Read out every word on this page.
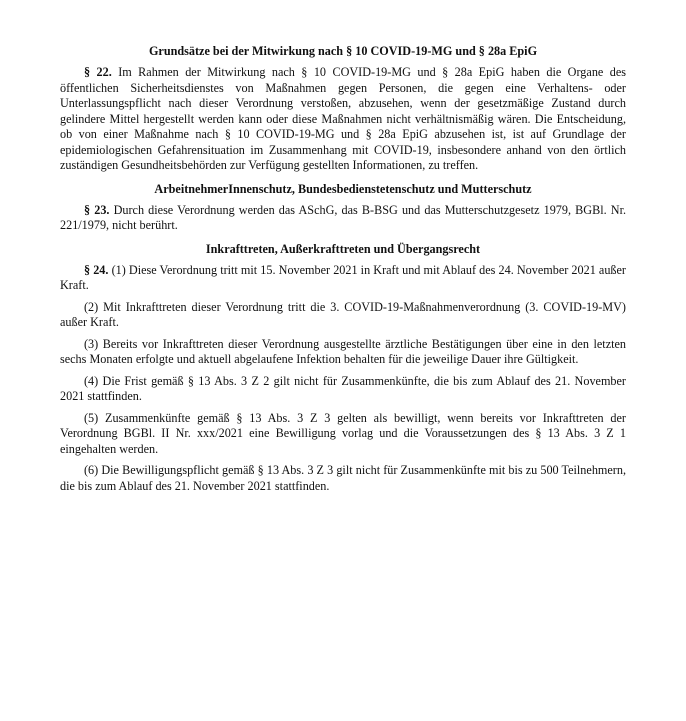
Grundsätze bei der Mitwirkung nach § 10 COVID-19-MG und § 28a EpiG

§ 22. Im Rahmen der Mitwirkung nach § 10 COVID-19-MG und § 28a EpiG haben die Organe des öffentlichen Sicherheitsdienstes von Maßnahmen gegen Personen, die gegen eine Verhaltens- oder Unterlassungspflicht nach dieser Verordnung verstoßen, abzusehen, wenn der gesetzmäßige Zustand durch gelindere Mittel hergestellt werden kann oder diese Maßnahmen nicht verhältnismäßig wären. Die Entscheidung, ob von einer Maßnahme nach § 10 COVID-19-MG und § 28a EpiG abzusehen ist, ist auf Grundlage der epidemiologischen Gefahrensituation im Zusammenhang mit COVID-19, insbesondere anhand von den örtlich zuständigen Gesundheitsbehörden zur Verfügung gestellten Informationen, zu treffen.

ArbeitnehmerInnenschutz, Bundesbedienstetenschutz und Mutterschutz

§ 23. Durch diese Verordnung werden das ASchG, das B-BSG und das Mutterschutzgesetz 1979, BGBl. Nr. 221/1979, nicht berührt.

Inkrafttreten, Außerkrafttreten und Übergangsrecht

§ 24. (1) Diese Verordnung tritt mit 15. November 2021 in Kraft und mit Ablauf des 24. November 2021 außer Kraft.

(2) Mit Inkrafttreten dieser Verordnung tritt die 3. COVID-19-Maßnahmenverordnung (3. COVID-19-MV) außer Kraft.

(3) Bereits vor Inkrafttreten dieser Verordnung ausgestellte ärztliche Bestätigungen über eine in den letzten sechs Monaten erfolgte und aktuell abgelaufene Infektion behalten für die jeweilige Dauer ihre Gültigkeit.

(4) Die Frist gemäß § 13 Abs. 3 Z 2 gilt nicht für Zusammenkünfte, die bis zum Ablauf des 21. November 2021 stattfinden.

(5) Zusammenkünfte gemäß § 13 Abs. 3 Z 3 gelten als bewilligt, wenn bereits vor Inkrafttreten der Verordnung BGBl. II Nr. xxx/2021 eine Bewilligung vorlag und die Voraussetzungen des § 13 Abs. 3 Z 1 eingehalten werden.

(6) Die Bewilligungspflicht gemäß § 13 Abs. 3 Z 3 gilt nicht für Zusammenkünfte mit bis zu 500 Teilnehmern, die bis zum Ablauf des 21. November 2021 stattfinden.
